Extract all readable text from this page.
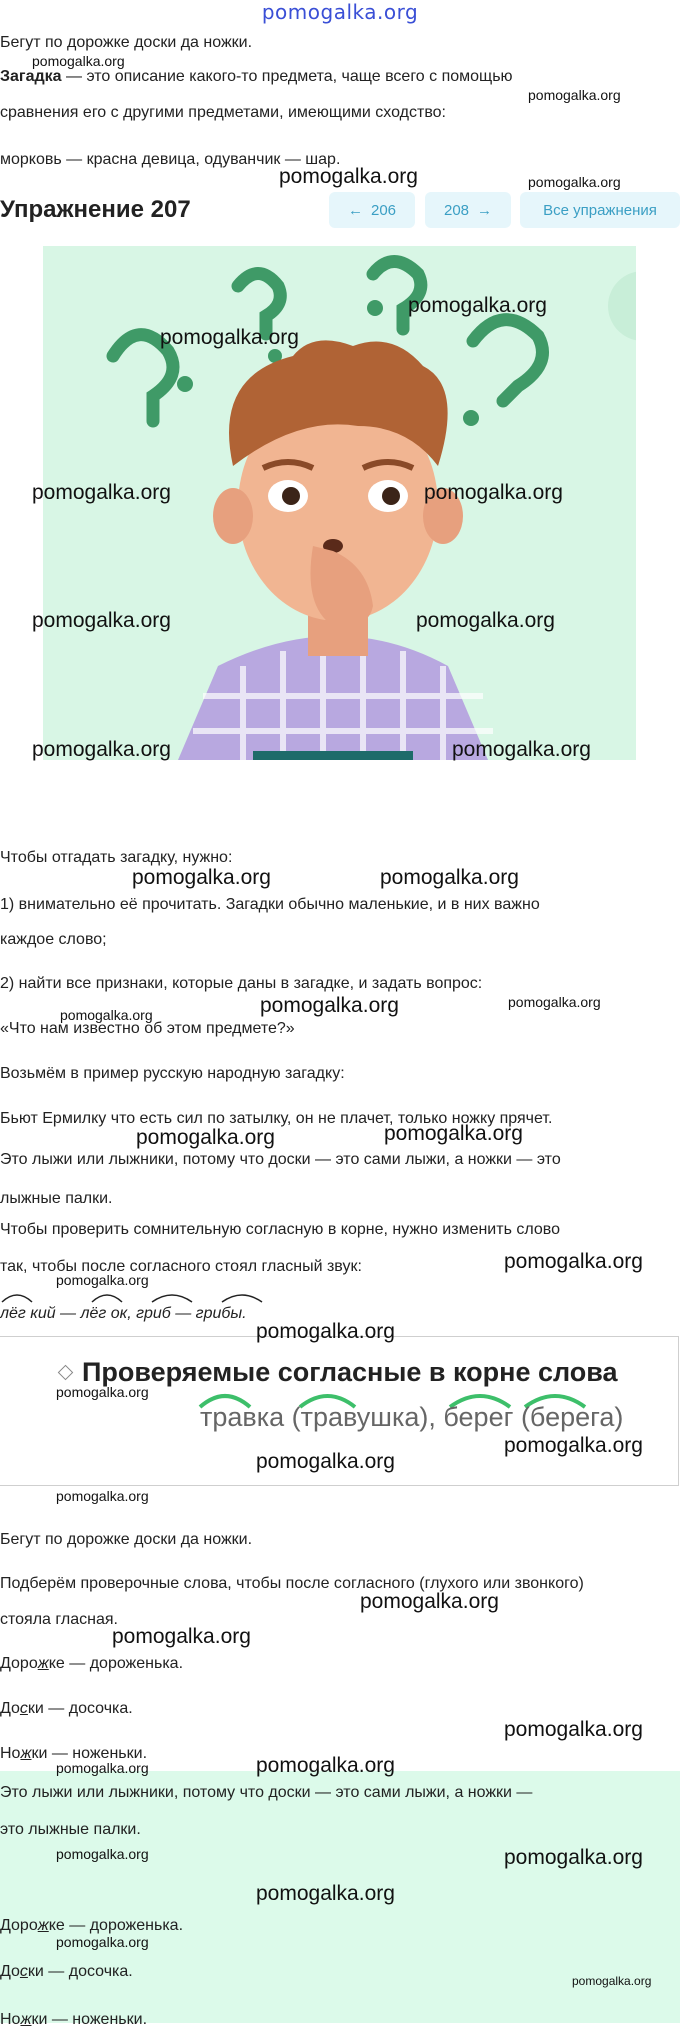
pomogalka.org
Бегут по дорожке доски да ножки.
Загадка — это описание какого-то предмета, чаще всего с помощью
сравнения его с другими предметами, имеющими сходство:
морковь — красна девица, одуванчик — шар.
Упражнение 207	← 206	208 →	Все упражнения
Чтобы отгадать загадку, нужно:
1) внимательно её прочитать. Загадки обычно маленькие, и в них важно
каждое слово;
2) найти все признаки, которые даны в загадке, и задать вопрос:
«Что нам известно об этом предмете?»
Возьмём в пример русскую народную загадку:
Бьют Ермилку что есть сил по затылку, он не плачет, только ножку прячет.
Это лыжи или лыжники, потому что доски — это сами лыжи, а ножки — это
лыжные палки.
Чтобы проверить сомнительную согласную в корне, нужно изменить слово
так, чтобы после согласного стоял гласный звук:
лёг кий — лёг ок, гриб — грибы.
Проверяемые согласные в корне слова
травка (травушка), берег (берега)
Бегут по дорожке доски да ножки.
Подберём проверочные слова, чтобы после согласного (глухого или звонкого)
стояла гласная.
Дорожке — дороженька.
Доски — досочка.
Ножки — ноженьки.
Это лыжи или лыжники, потому что доски — это сами лыжи, а ножки —
это лыжные палки.
Дорожке — дороженька.
Доски — досочка.
Ножки — ноженьки.
pomogalka.org
pomogalka.org
pomogalka.org	pomogalka.org
pomogalka.org
pomogalka.org
pomogalka.org	pomogalka.org
pomogalka.org	pomogalka.org
pomogalka.org	pomogalka.org
pomogalka.org	pomogalka.org
pomogalka.org
pomogalka.org
pomogalka.org
pomogalka.org	pomogalka.org
pomogalka.org
pomogalka.org
pomogalka.org
pomogalka.org
pomogalka.org
pomogalka.org
pomogalka.org
pomogalka.org
pomogalka.org
pomogalka.org
pomogalka.org
pomogalka.org
pomogalka.org	pomogalka.org
pomogalka.org
pomogalka.org
pomogalka.org
